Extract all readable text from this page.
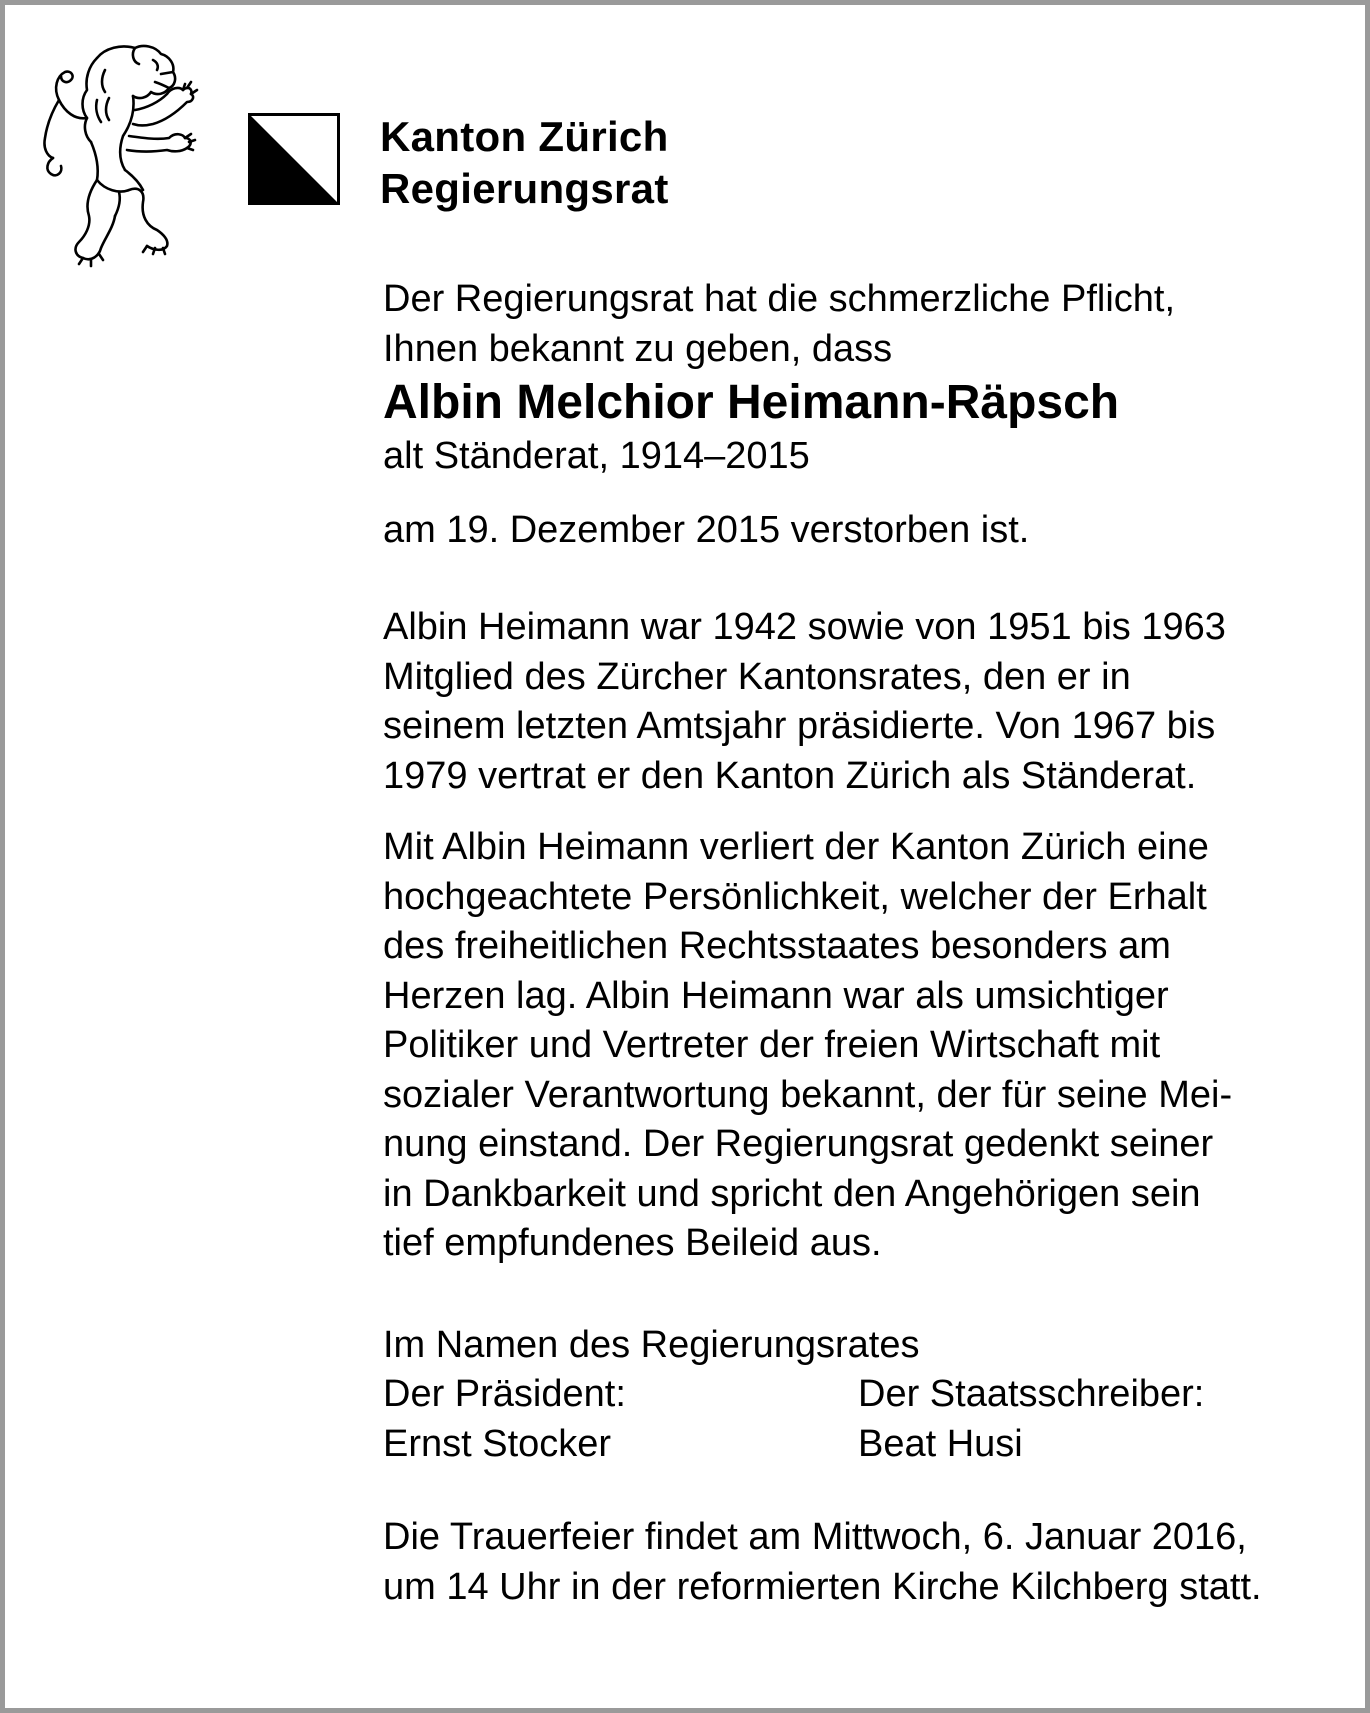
Kanton Zürich
Regierungsrat

Der Regierungsrat hat die schmerzliche Pflicht,

Ihnen bekannt zu geben, dass

Albin Melchior Heimann-Räpsch

alt Ständerat, 1914–2015

am 19. Dezember 2015 verstorben ist.

Albin Heimann war 1942 sowie von 1951 bis 1963

Mitglied des Zürcher Kantonsrates, den er in

seinem letzten Amtsjahr präsidierte. Von 1967 bis

1979 vertrat er den Kanton Zürich als Ständerat.

Mit Albin Heimann verliert der Kanton Zürich eine

hochgeachtete Persönlichkeit, welcher der Erhalt

des freiheitlichen Rechtsstaates besonders am

Herzen lag. Albin Heimann war als umsichtiger

Politiker und Vertreter der freien Wirtschaft mit

sozialer Verantwortung bekannt, der für seine Mei-

nung einstand. Der Regierungsrat gedenkt seiner

in Dankbarkeit und spricht den Angehörigen sein

tief empfundenes Beileid aus.

Im Namen des Regierungsrates

Der Präsident:	Der Staatsschreiber:
Ernst Stocker	Beat Husi

Die Trauerfeier findet am Mittwoch, 6. Januar 2016,

um 14 Uhr in der reformierten Kirche Kilchberg statt.
